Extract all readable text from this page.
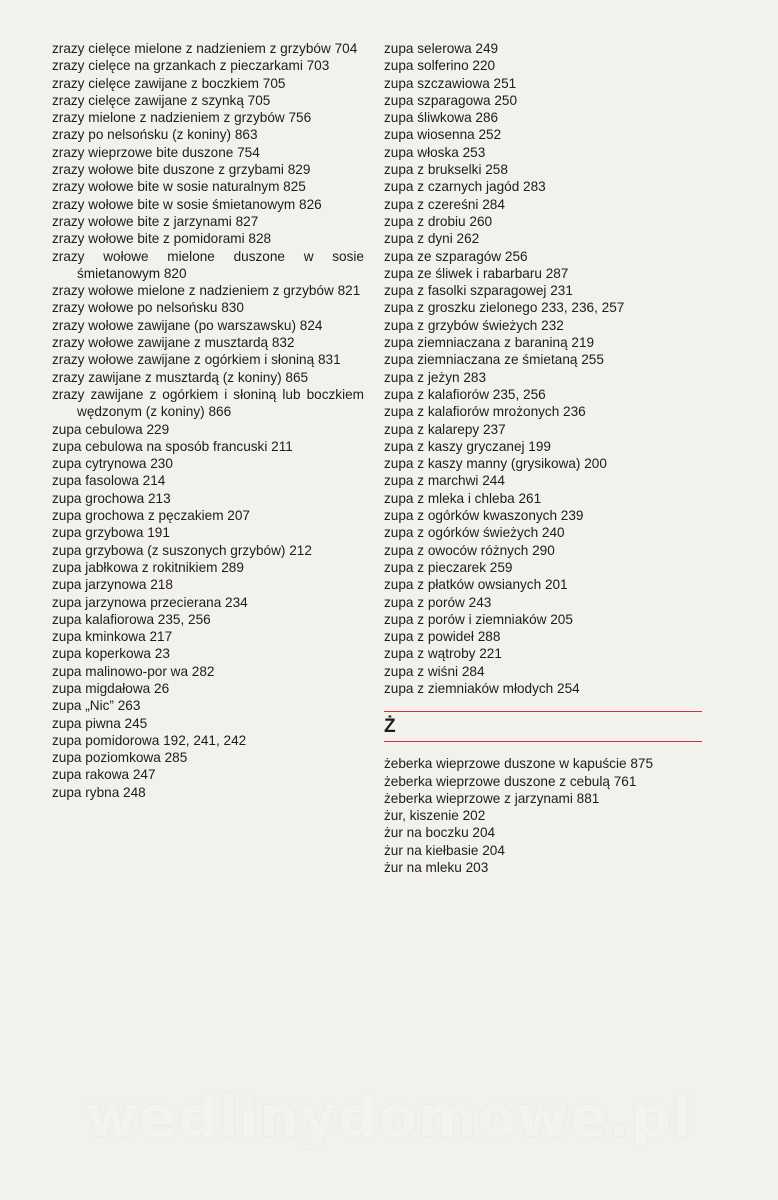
zrazy cielęce mielone z nadzieniem z grzybów 704

zrazy cielęce na grzankach z pieczarkami 703

zrazy cielęce zawijane z boczkiem 705

zrazy cielęce zawijane z szynką 705

zrazy mielone z nadzieniem z grzybów 756

zrazy po nelsońsku (z koniny) 863

zrazy wieprzowe bite duszone 754

zrazy wołowe bite duszone z grzybami 829

zrazy wołowe bite w sosie naturalnym 825

zrazy wołowe bite w sosie śmietanowym 826

zrazy wołowe bite z jarzynami 827

zrazy wołowe bite z pomidorami 828

zrazy wołowe mielone duszone w sosie śmietanowym 820

zrazy wołowe mielone z nadzieniem z grzybów 821

zrazy wołowe po nelsońsku 830

zrazy wołowe zawijane (po warszawsku) 824

zrazy wołowe zawijane z musztardą 832

zrazy wołowe zawijane z ogórkiem i słoniną 831

zrazy zawijane z musztardą (z koniny) 865

zrazy zawijane z ogórkiem i słoniną lub boczkiem wędzonym (z koniny) 866

zupa cebulowa 229

zupa cebulowa na sposób francuski 211

zupa cytrynowa 230

zupa fasolowa 214

zupa grochowa 213

zupa grochowa z pęczakiem 207

zupa grzybowa 191

zupa grzybowa (z suszonych grzybów) 212

zupa jabłkowa z rokitnikiem 289

zupa jarzynowa 218

zupa jarzynowa przecierana 234

zupa kalafiorowa 235, 256

zupa kminkowa 217

zupa koperkowa 23

zupa malinowo-por wa 282

zupa migdałowa 26

zupa „Nic” 263

zupa piwna 245

zupa pomidorowa 192, 241, 242

zupa poziomkowa 285

zupa rakowa 247

zupa rybna 248

zupa selerowa 249

zupa solferino 220

zupa szczawiowa 251

zupa szparagowa 250

zupa śliwkowa 286

zupa wiosenna 252

zupa włoska 253

zupa z brukselki 258

zupa z czarnych jagód 283

zupa z czereśni 284

zupa z drobiu 260

zupa z dyni 262

zupa ze szparagów 256

zupa ze śliwek i rabarbaru 287

zupa z fasolki szparagowej 231

zupa z groszku zielonego 233, 236, 257

zupa z grzybów świeżych 232

zupa ziemniaczana z baraniną 219

zupa ziemniaczana ze śmietaną 255

zupa z jeżyn 283

zupa z kalafiorów 235, 256

zupa z kalafiorów mrożonych 236

zupa z kalarepy 237

zupa z kaszy gryczanej 199

zupa z kaszy manny (grysikowa) 200

zupa z marchwi 244

zupa z mleka i chleba 261

zupa z ogórków kwaszonych 239

zupa z ogórków świeżych 240

zupa z owoców różnych 290

zupa z pieczarek 259

zupa z płatków owsianych 201

zupa z porów 243

zupa z porów i ziemniaków 205

zupa z powideł 288

zupa z wątroby 221

zupa z wiśni 284

zupa z ziemniaków młodych 254

Ż

żeberka wieprzowe duszone w kapuście 875

żeberka wieprzowe duszone z cebulą 761

żeberka wieprzowe z jarzynami 881

żur, kiszenie 202

żur na boczku 204

żur na kiełbasie 204

żur na mleku 203

wedlinydomowe.pl
